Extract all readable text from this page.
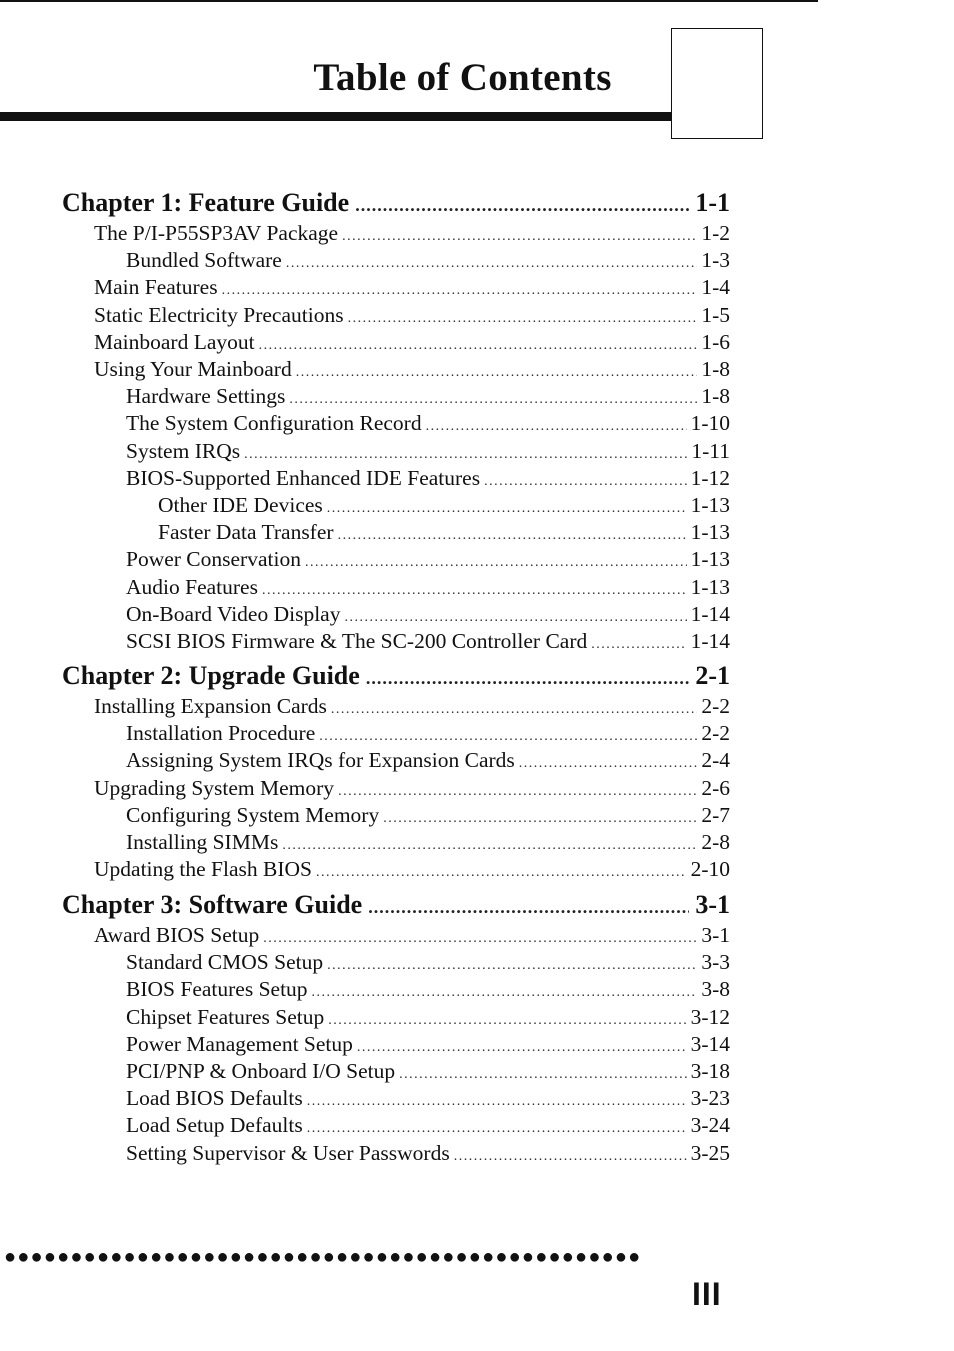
Table of Contents
Chapter 1: Feature Guide .....	1-1
The P/I-P55SP3AV Package .....	1-2
Bundled Software .....	1-3
Main Features .....	1-4
Static Electricity Precautions .....	1-5
Mainboard Layout .....	1-6
Using Your Mainboard .....	1-8
Hardware Settings .....	1-8
The System Configuration Record .....	1-10
System IRQs .....	1-11
BIOS-Supported Enhanced IDE Features .....	1-12
Other IDE Devices .....	1-13
Faster Data Transfer .....	1-13
Power Conservation .....	1-13
Audio Features .....	1-13
On-Board Video Display .....	1-14
SCSI BIOS Firmware & The SC-200 Controller Card .....	1-14
Chapter 2: Upgrade Guide .....	2-1
Installing Expansion Cards .....	2-2
Installation Procedure .....	2-2
Assigning System IRQs for Expansion Cards .....	2-4
Upgrading System Memory .....	2-6
Configuring System Memory .....	2-7
Installing SIMMs .....	2-8
Updating the Flash BIOS .....	2-10
Chapter 3: Software Guide .....	3-1
Award BIOS Setup .....	3-1
Standard CMOS Setup .....	3-3
BIOS Features Setup .....	3-8
Chipset Features Setup .....	3-12
Power Management Setup .....	3-14
PCI/PNP & Onboard I/O Setup .....	3-18
Load BIOS Defaults .....	3-23
Load Setup Defaults .....	3-24
Setting Supervisor & User Passwords .....	3-25
●●●●●●●●●●●●●●●●●●●●●●●●●●●●●●●●●●●●●●●●●●●●●●●●
III
